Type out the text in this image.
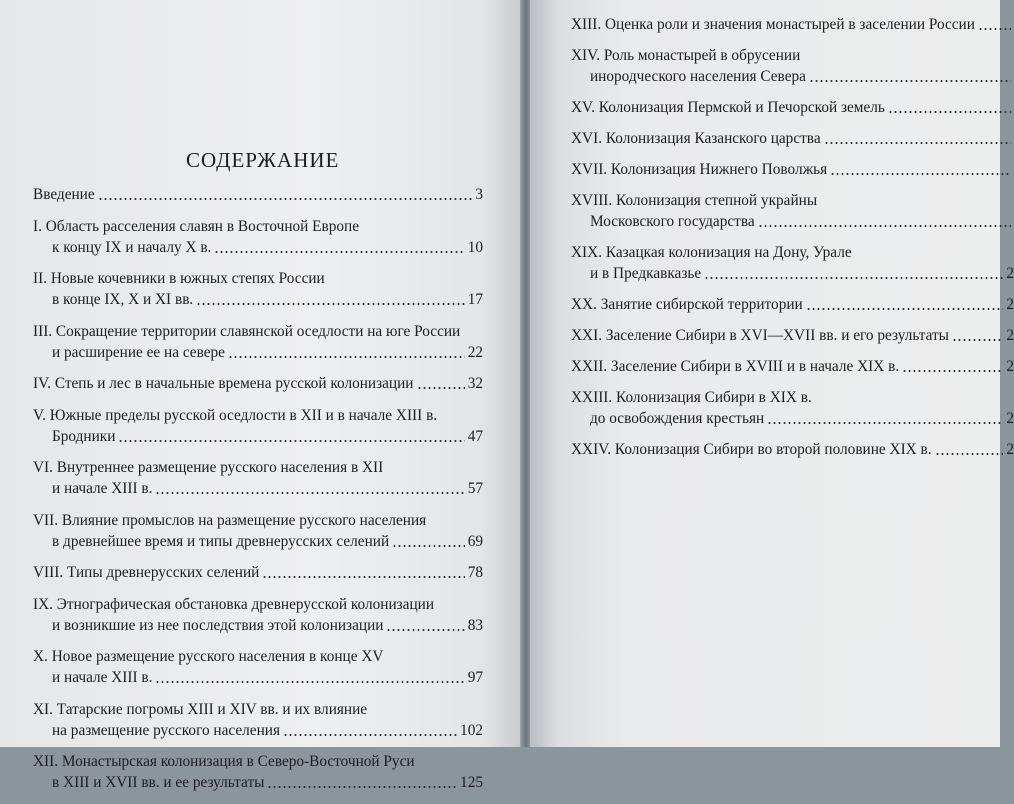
СОДЕРЖАНИЕ
Введение	3
I. Область расселения славян в Восточной Европе
к концу IX и началу X в.	10
II. Новые кочевники в южных степях России
в конце IX, X и XI вв.	17
III. Сокращение территории славянской оседлости на юге России
и расширение ее на севере	22
IV. Степь и лес в начальные времена русской колонизации	32
V. Южные пределы русской оседлости в XII и в начале XIII в.
Бродники	47
VI. Внутреннее размещение русского населения в XII
и начале XIII в.	57
VII. Влияние промыслов на размещение русского населения
в древнейшее время и типы древнерусских селений	69
VIII. Типы древнерусских селений	78
IX. Этнографическая обстановка древнерусской колонизации
и возникшие из нее последствия этой колонизации	83
X. Новое размещение русского населения в конце XV
и начале XIII в.	97
XI. Татарские погромы XIII и XIV вв. и их влияние
на размещение русского населения	102
XII. Монастырская колонизация в Северо-Восточной Руси
в XIII и XVII вв. и ее результаты	125
XIII. Оценка роли и значения монастырей в заселении России
XIV. Роль монастырей в обрусении
инородческого населения Севера
XV. Колонизация Пермской и Печорской земель
XVI. Колонизация Казанского царства
XVII. Колонизация Нижнего Поволжья
XVIII. Колонизация степной украйны
Московского государства
XIX. Казацкая колонизация на Дону, Урале
и в Предкавказье	2
XX. Занятие сибирской территории	2
XXI. Заселение Сибири в XVI—XVII вв. и его результаты	2
XXII. Заселение Сибири в XVIII и в начале XIX в.	2
XXIII. Колонизация Сибири в XIX в.
до освобождения крестьян	2
XXIV. Колонизация Сибири во второй половине XIX в.	2
